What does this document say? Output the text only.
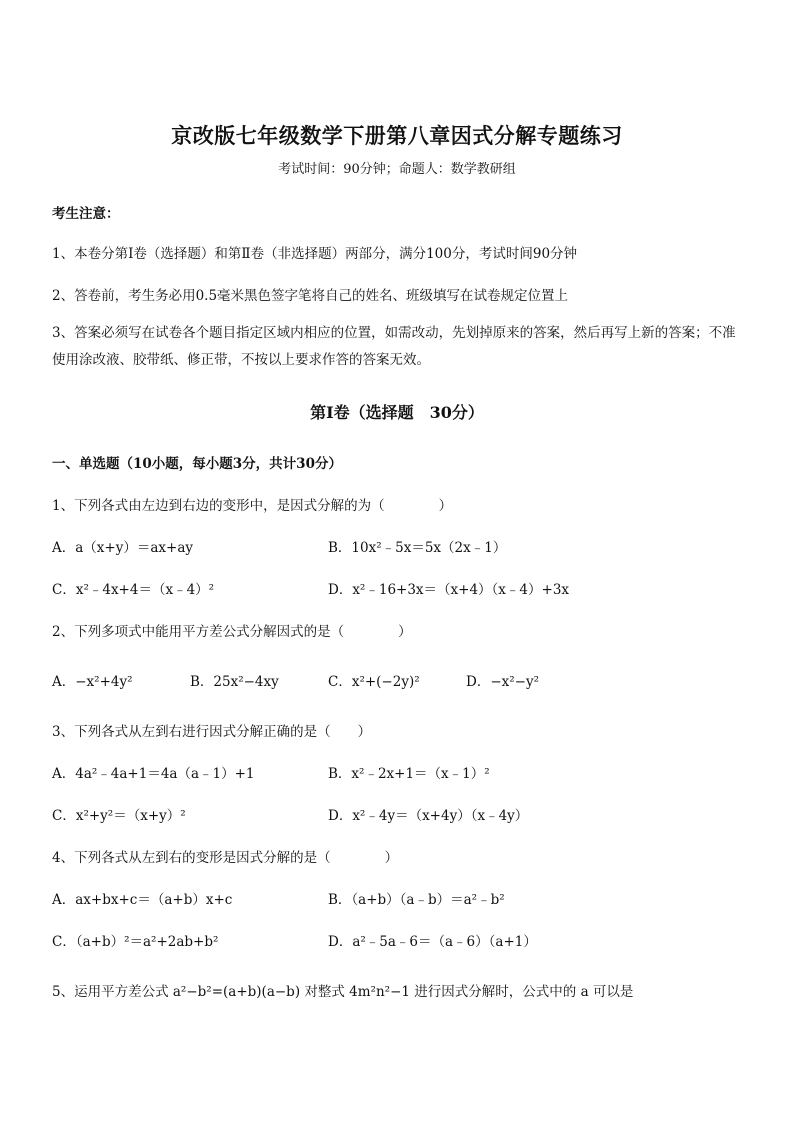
京改版七年级数学下册第八章因式分解专题练习
考试时间：90分钟；命题人：数学教研组
考生注意：
1、本卷分第Ⅰ卷（选择题）和第Ⅱ卷（非选择题）两部分，满分100分，考试时间90分钟
2、答卷前，考生务必用0.5毫米黑色签字笔将自己的姓名、班级填写在试卷规定位置上
3、答案必须写在试卷各个题目指定区域内相应的位置，如需改动，先划掉原来的答案，然后再写上新的答案；不准使用涂改液、胶带纸、修正带，不按以上要求作答的答案无效。
第Ⅰ卷（选择题　30分）
一、单选题（10小题，每小题3分，共计30分）
1、下列各式由左边到右边的变形中，是因式分解的为（　　　　）
A．a（x+y）＝ax+ay	B．10x²﹣5x＝5x（2x﹣1）
C．x²﹣4x+4＝（x﹣4）²	D．x²﹣16+3x＝（x+4）（x﹣4）+3x
2、下列多项式中能用平方差公式分解因式的是（　　　　）
A．−x²+4y²	B．25x²−4xy	C．x²+(−2y)²	D．−x²−y²
3、下列各式从左到右进行因式分解正确的是（　　）
A．4a²﹣4a+1＝4a（a﹣1）+1	B．x²﹣2x+1＝（x﹣1）²
C．x²+y²＝（x+y）²	D．x²﹣4y＝（x+4y）（x﹣4y）
4、下列各式从左到右的变形是因式分解的是（　　　　）
A．ax+bx+c＝（a+b）x+c	B．（a+b）（a﹣b）＝a²﹣b²
C．（a+b）²＝a²+2ab+b²	D．a²﹣5a﹣6＝（a﹣6）（a+1）
5、运用平方差公式 a²−b²=(a+b)(a−b) 对整式 4m²n²−1 进行因式分解时，公式中的 a 可以是
